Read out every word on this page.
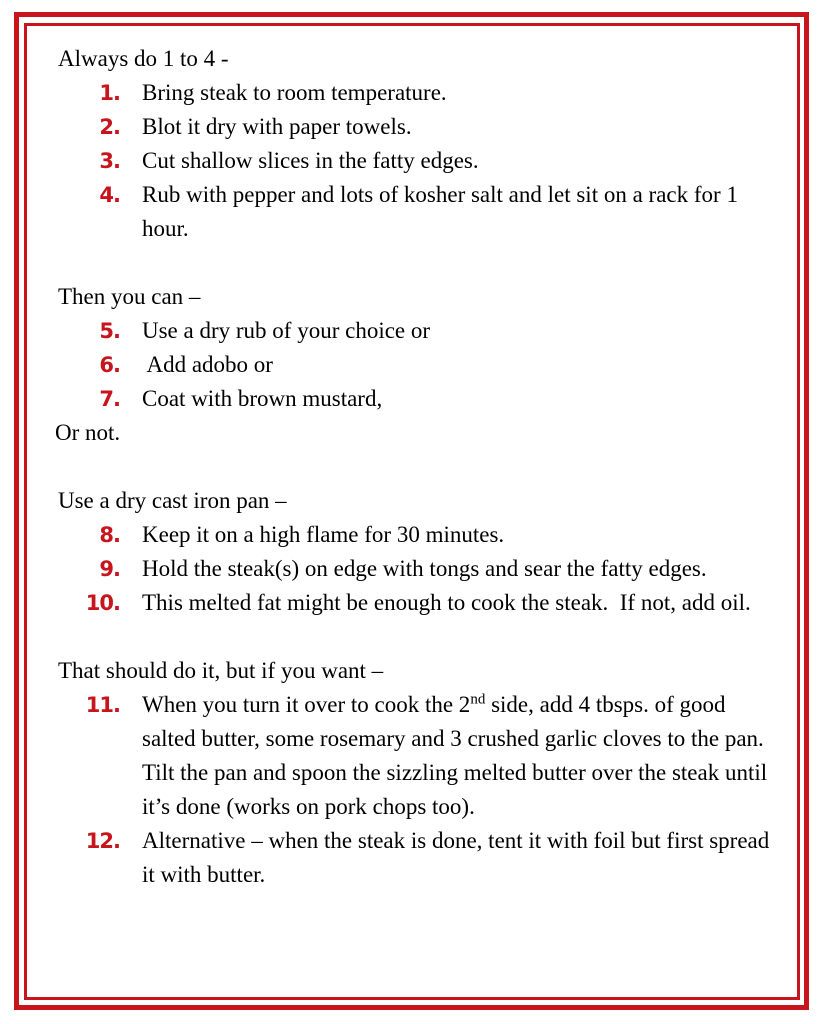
Always do 1 to 4 -

1. Bring steak to room temperature.
2. Blot it dry with paper towels.
3. Cut shallow slices in the fatty edges.
4. Rub with pepper and lots of kosher salt and let sit on a rack for 1 hour.

Then you can –

5. Use a dry rub of your choice or
6. Add adobo or
7. Coat with brown mustard,

Or not.

Use a dry cast iron pan –

8. Keep it on a high flame for 30 minutes.
9. Hold the steak(s) on edge with tongs and sear the fatty edges.
10. This melted fat might be enough to cook the steak.  If not, add oil.

That should do it, but if you want –

11. When you turn it over to cook the 2nd side, add 4 tbsps. of good salted butter, some rosemary and 3 crushed garlic cloves to the pan.  Tilt the pan and spoon the sizzling melted butter over the steak until it’s done (works on pork chops too).
12. Alternative – when the steak is done, tent it with foil but first spread it with butter.
